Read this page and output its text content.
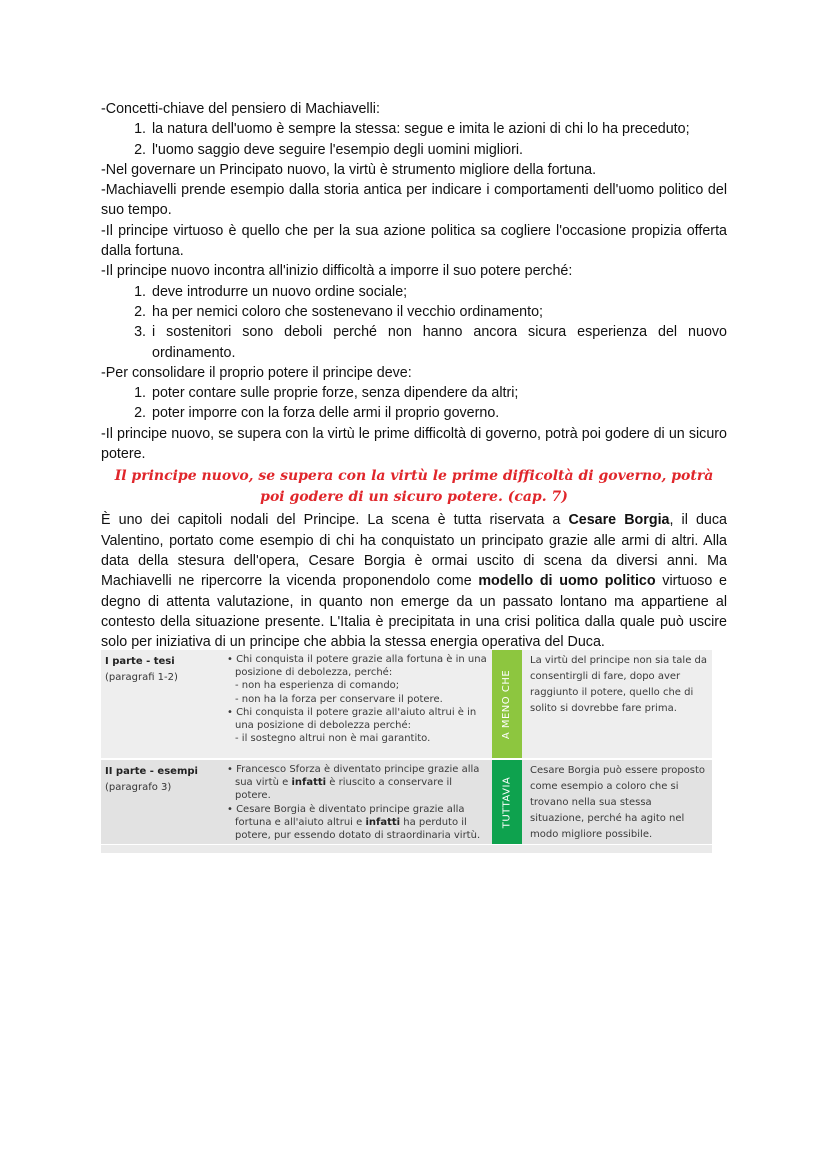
-Concetti-chiave del pensiero di Machiavelli:

1. la natura dell'uomo è sempre la stessa: segue e imita le azioni di chi lo ha preceduto;
2. l'uomo saggio deve seguire l'esempio degli uomini migliori.

-Nel governare un Principato nuovo, la virtù è strumento migliore della fortuna.

-Machiavelli prende esempio dalla storia antica per indicare i comportamenti dell'uomo politico del suo tempo.

-Il principe virtuoso è quello che per la sua azione politica sa cogliere l'occasione propizia offerta dalla fortuna.

-Il principe nuovo incontra all'inizio difficoltà a imporre il suo potere perché:

1. deve introdurre un nuovo ordine sociale;
2. ha per nemici coloro che sostenevano il vecchio ordinamento;
3. i sostenitori sono deboli perché non hanno ancora sicura esperienza del nuovo ordinamento.

-Per consolidare il proprio potere il principe deve:

1. poter contare sulle proprie forze, senza dipendere da altri;
2. poter imporre con la forza delle armi il proprio governo.

-Il principe nuovo, se supera con la virtù le prime difficoltà di governo, potrà poi godere di un sicuro potere.

Il principe nuovo, se supera con la virtù le prime difficoltà di governo, potrà poi godere di un sicuro potere. (cap. 7)

È uno dei capitoli nodali del Principe. La scena è tutta riservata a Cesare Borgia, il duca Valentino, portato come esempio di chi ha conquistato un principato grazie alle armi di altri. Alla data della stesura dell'opera, Cesare Borgia è ormai uscito di scena da diversi anni. Ma Machiavelli ne ripercorre la vicenda proponendolo come modello di uomo politico virtuoso e degno di attenta valutazione, in quanto non emerge da un passato lontano ma appartiene al contesto della situazione presente. L'Italia è precipitata in una crisi politica dalla quale può uscire solo per iniziativa di un principe che abbia la stessa energia operativa del Duca.

I parte - tesi
(paragrafi 1-2)
• Chi conquista il potere grazie alla fortuna è in una posizione di debolezza, perché:
- non ha esperienza di comando;
- non ha la forza per conservare il potere.
• Chi conquista il potere grazie all'aiuto altrui è in una posizione di debolezza perché:
- il sostegno altrui non è mai garantito.
A MENO CHE
La virtù del principe non sia tale da consentirgli di fare, dopo aver raggiunto il potere, quello che di solito si dovrebbe fare prima.
II parte - esempi
(paragrafo 3)
• Francesco Sforza è diventato principe grazie alla sua virtù e infatti è riuscito a conservare il potere.
• Cesare Borgia è diventato principe grazie alla fortuna e all'aiuto altrui e infatti ha perduto il potere, pur essendo dotato di straordinaria virtù.
TUTTAVIA
Cesare Borgia può essere proposto come esempio a coloro che si trovano nella sua stessa situazione, perché ha agito nel modo migliore possibile.
